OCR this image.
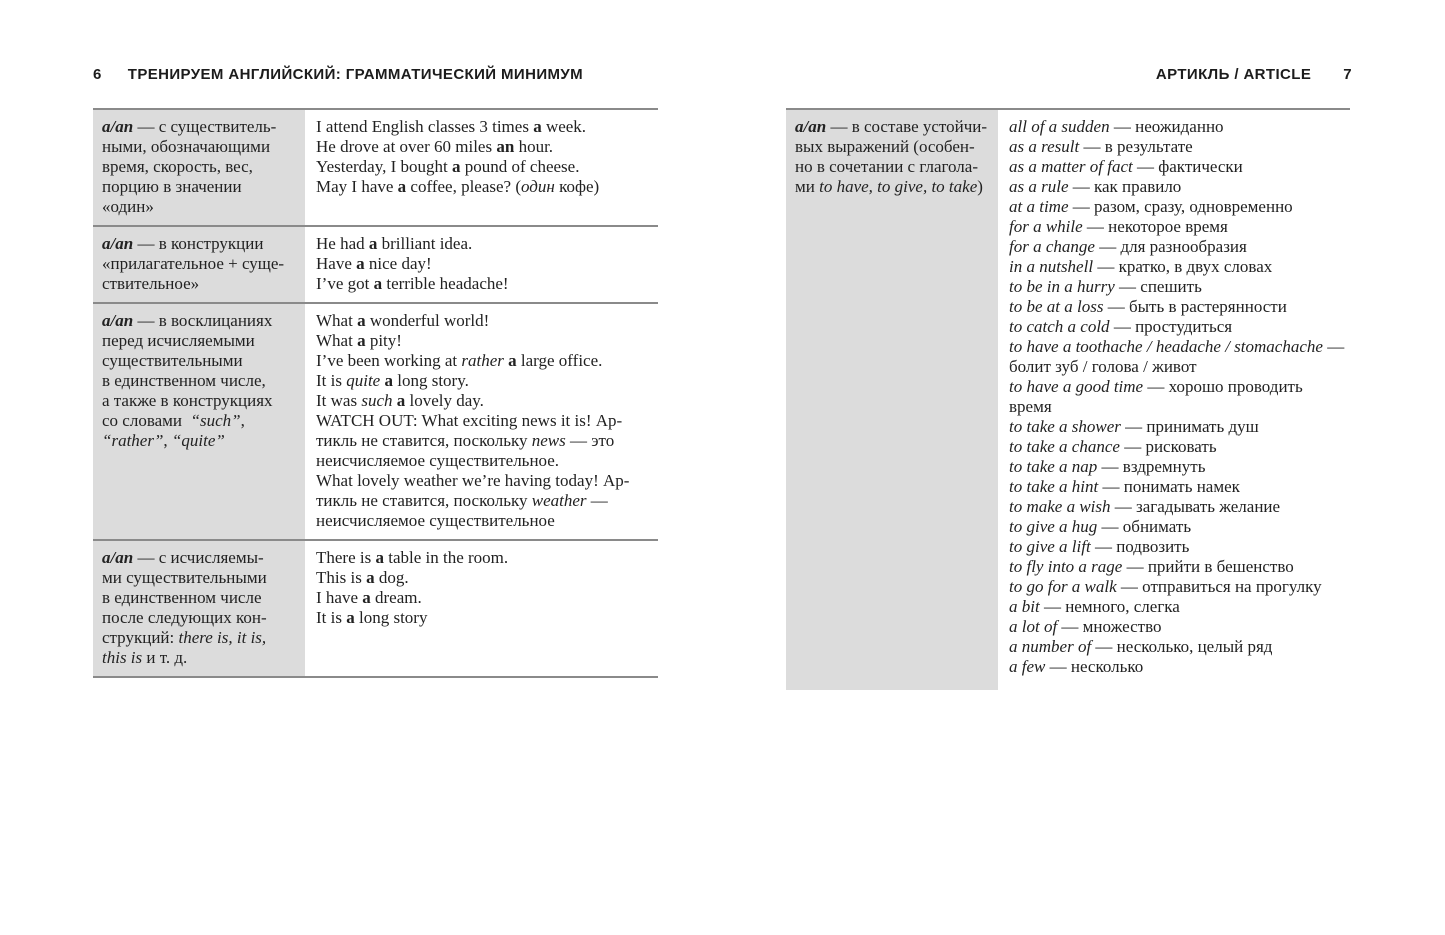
6 ТРЕНИРУЕМ АНГЛИЙСКИЙ: ГРАММАТИЧЕСКИЙ МИНИМУМ	АРТИКЛЬ / ARTICLE 7
a/an — с существитель-
ными, обозначающими
время, скорость, вес,
порцию в значении
«один»
I attend English classes 3 times a week.
He drove at over 60 miles an hour.
Yesterday, I bought a pound of cheese.
May I have a coffee, please? (один кофе)
a/an — в конструкции
«прилагательное + суще-
ствительное»
He had a brilliant idea.
Have a nice day!
I’ve got a terrible headache!
a/an — в восклицаниях
перед исчисляемыми
существительными
в единственном числе,
а также в конструкциях
со словами  “such”,
“rather”, “quite”
What a wonderful world!
What a pity!
I’ve been working at rather a large office.
It is quite a long story.
It was such a lovely day.
WATCH OUT: What exciting news it is! Ар-
тикль не ставится, поскольку news — это
неисчисляемое существительное.
What lovely weather we’re having today! Ар-
тикль не ставится, поскольку weather —
неисчисляемое существительное
a/an — с исчисляемы-
ми существительными
в единственном числе
после следующих кон-
струкций: there is, it is,
this is и т. д.
There is a table in the room.
This is a dog.
I have a dream.
It is a long story
a/an — в составе устойчи-
вых выражений (особен-
но в сочетании с глагола-
ми to have, to give, to take)
all of a sudden — неожиданно
as a result — в результате
as a matter of fact — фактически
as a rule — как правило
at a time — разом, сразу, одновременно
for a while — некоторое время
for a change — для разнообразия
in a nutshell — кратко, в двух словах
to be in a hurry — спешить
to be at a loss — быть в растерянности
to catch a cold — простудиться
to have a toothache / headache / stomachache —
болит зуб / голова / живот
to have a good time — хорошо проводить
время
to take a shower — принимать душ
to take a chance — рисковать
to take a nap — вздремнуть
to take a hint — понимать намек
to make a wish — загадывать желание
to give a hug — обнимать
to give a lift — подвозить
to fly into a rage — прийти в бешенство
to go for a walk — отправиться на прогулку
a bit — немного, слегка
a lot of — множество
a number of — несколько, целый ряд
a few — несколько
